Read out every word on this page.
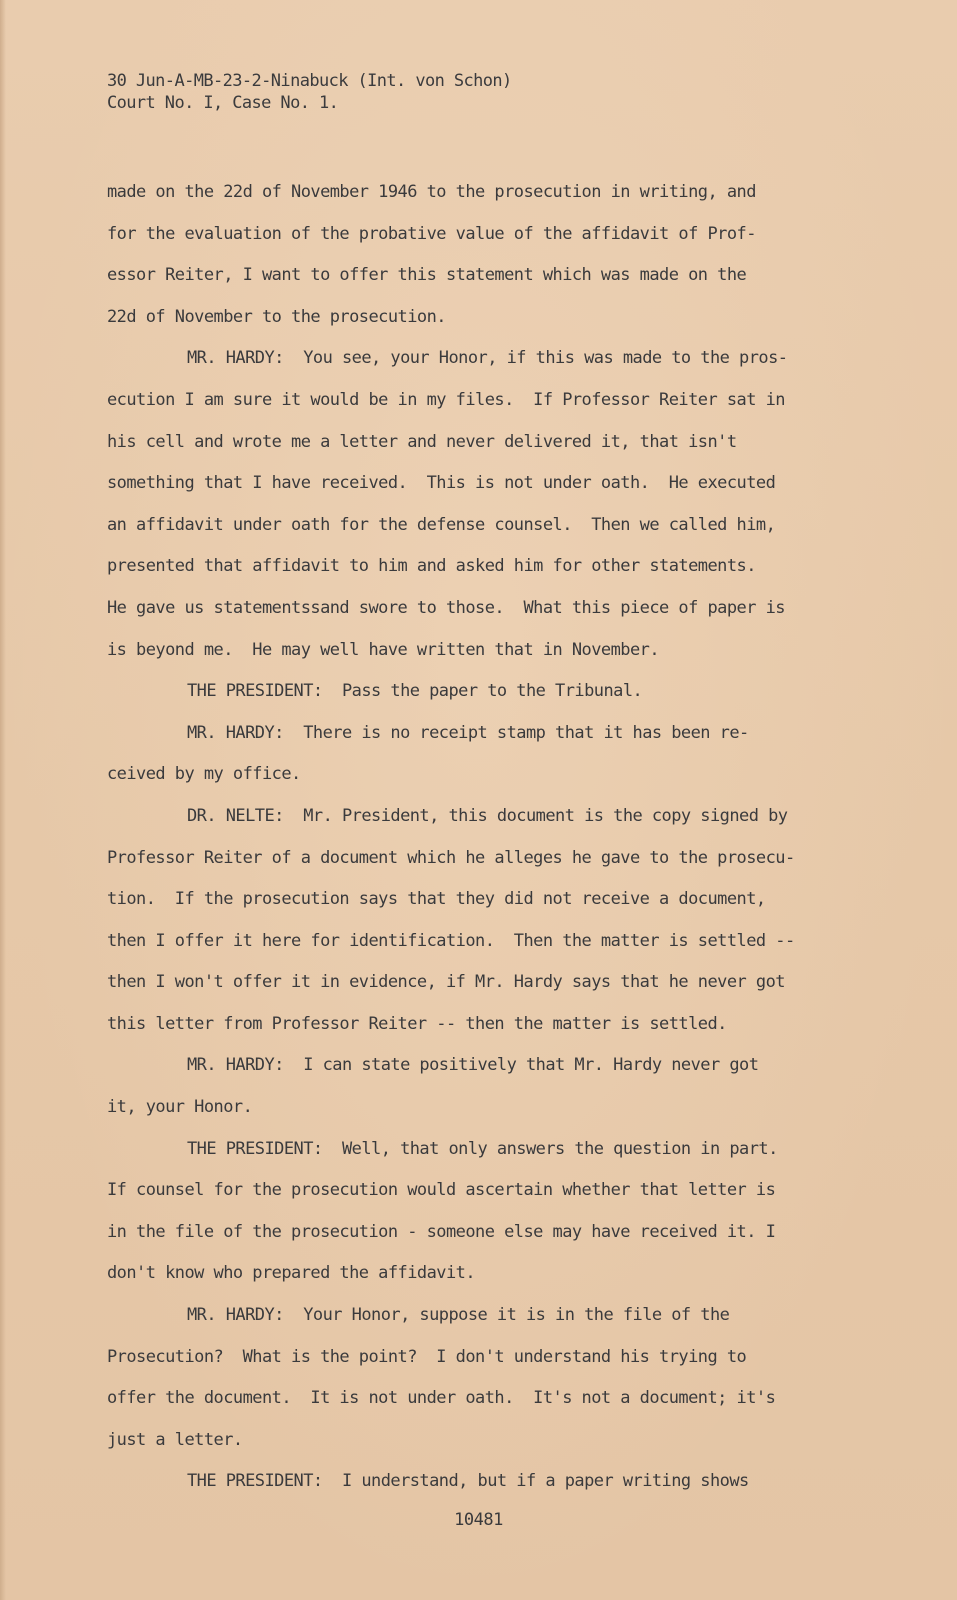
30 Jun-A-MB-23-2-Ninabuck (Int. von Schon)
Court No. I, Case No. 1.
made on the 22d of November 1946 to the prosecution in writing, and
for the evaluation of the probative value of the affidavit of Prof-
essor Reiter, I want to offer this statement which was made on the
22d of November to the prosecution.
MR. HARDY:  You see, your Honor, if this was made to the pros-
ecution I am sure it would be in my files.  If Professor Reiter sat in
his cell and wrote me a letter and never delivered it, that isn't
something that I have received.  This is not under oath.  He executed
an affidavit under oath for the defense counsel.  Then we called him,
presented that affidavit to him and asked him for other statements.
He gave us statementssand swore to those.  What this piece of paper is
is beyond me.  He may well have written that in November.
THE PRESIDENT:  Pass the paper to the Tribunal.
MR. HARDY:  There is no receipt stamp that it has been re-
ceived by my office.
DR. NELTE:  Mr. President, this document is the copy signed by
Professor Reiter of a document which he alleges he gave to the prosecu-
tion.  If the prosecution says that they did not receive a document,
then I offer it here for identification.  Then the matter is settled --
then I won't offer it in evidence, if Mr. Hardy says that he never got
this letter from Professor Reiter -- then the matter is settled.
MR. HARDY:  I can state positively that Mr. Hardy never got
it, your Honor.
THE PRESIDENT:  Well, that only answers the question in part.
If counsel for the prosecution would ascertain whether that letter is
in the file of the prosecution - someone else may have received it. I
don't know who prepared the affidavit.
MR. HARDY:  Your Honor, suppose it is in the file of the
Prosecution?  What is the point?  I don't understand his trying to
offer the document.  It is not under oath.  It's not a document; it's
just a letter.
THE PRESIDENT:  I understand, but if a paper writing shows
10481
